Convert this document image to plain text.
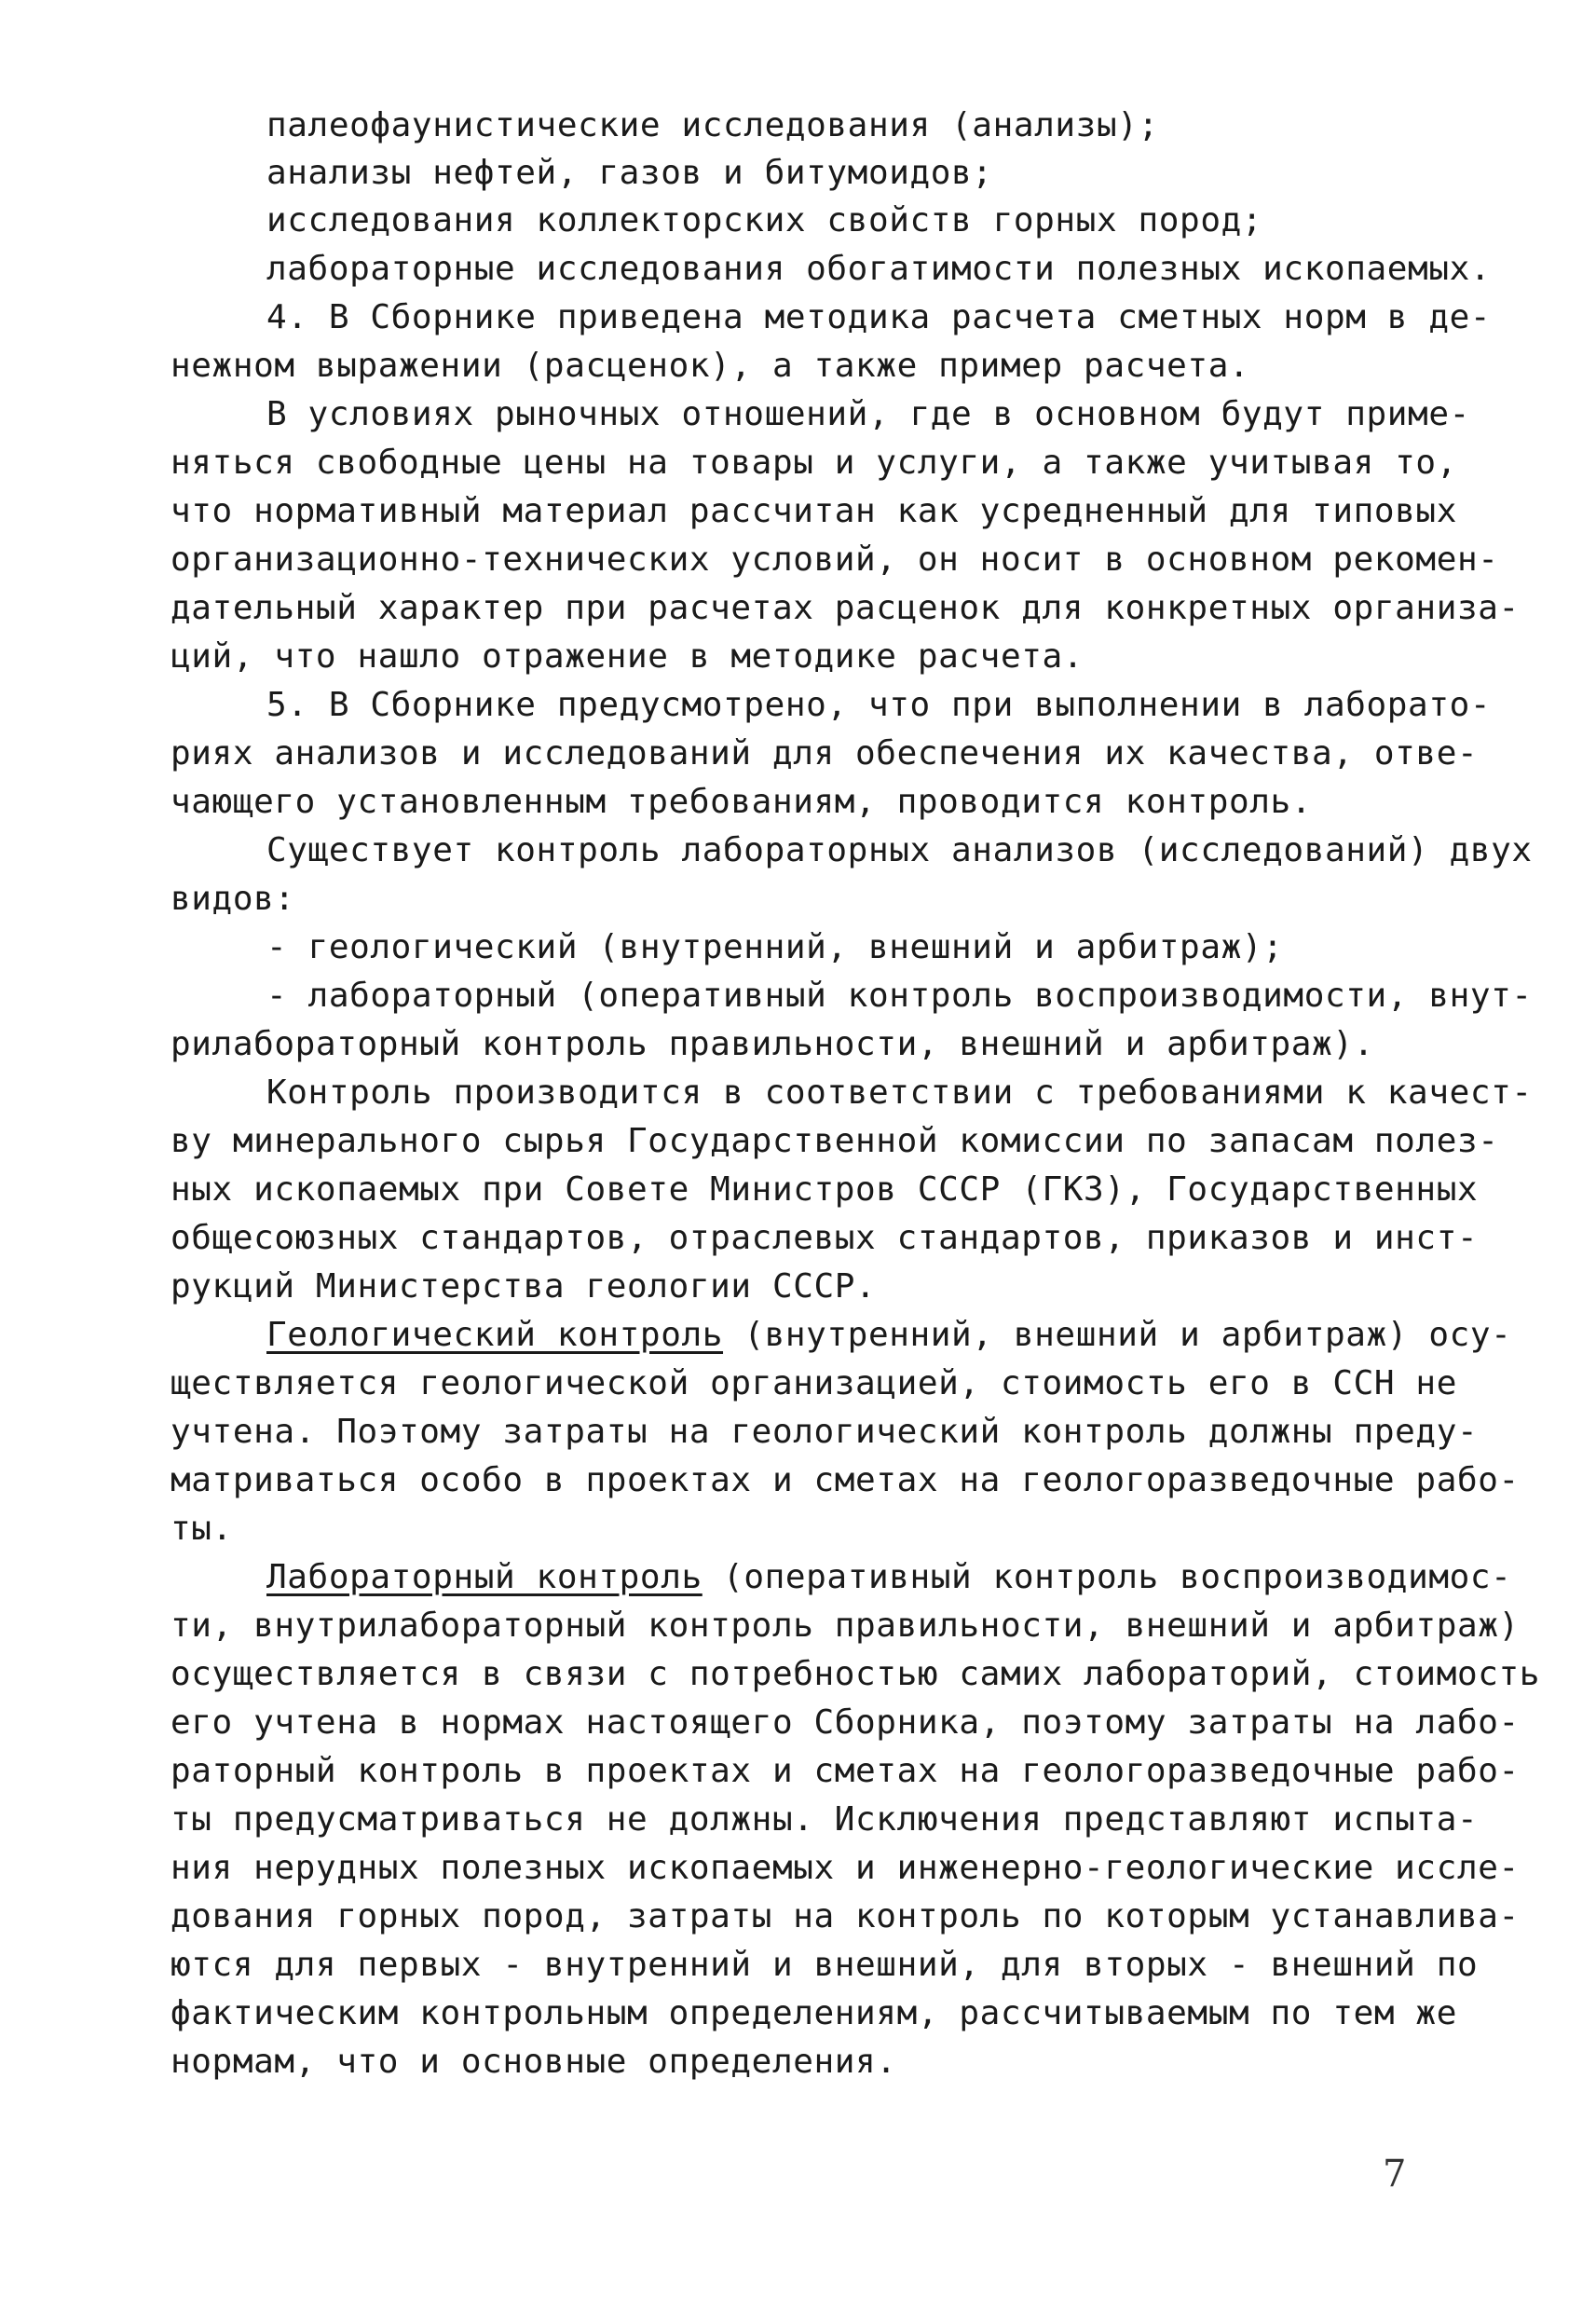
палеофаунистические исследования (анализы);
анализы нефтей, газов и битумоидов;
исследования коллекторских свойств горных пород;
лабораторные исследования обогатимости полезных ископаемых.
4. В Сборнике приведена методика расчета сметных норм в де-
нежном выражении (расценок), а также пример расчета.
В условиях рыночных отношений, где в основном будут приме-
няться свободные цены на товары и услуги, а также учитывая то,
что нормативный материал рассчитан как усредненный для типовых
организационно-технических условий, он носит в основном рекомен-
дательный характер при расчетах расценок для конкретных организа-
ций, что нашло отражение в методике расчета.
5. В Сборнике предусмотрено, что при выполнении в лаборато-
риях анализов и исследований для обеспечения их качества, отве-
чающего установленным требованиям, проводится контроль.
Существует контроль лабораторных анализов (исследований) двух
видов:
- геологический (внутренний, внешний и арбитраж);
- лабораторный (оперативный контроль воспроизводимости, внут-
рилабораторный контроль правильности, внешний и арбитраж).
Контроль производится в соответствии с требованиями к качест-
ву минерального сырья Государственной комиссии по запасам полез-
ных ископаемых при Совете Министров СССР (ГКЗ), Государственных
общесоюзных стандартов, отраслевых стандартов, приказов и инст-
рукций Министерства геологии СССР.
Геологический контроль (внутренний, внешний и арбитраж) осу-
ществляется геологической организацией, стоимость его в ССН не
учтена. Поэтому затраты на геологический контроль должны преду-
матриваться особо в проектах и сметах на геологоразведочные рабо-
ты.
Лабораторный контроль (оперативный контроль воспроизводимос-
ти, внутрилабораторный контроль правильности, внешний и арбитраж)
осуществляется в связи с потребностью самих лабораторий, стоимость
его учтена в нормах настоящего Сборника, поэтому затраты на лабо-
раторный контроль в проектах и сметах на геологоразведочные рабо-
ты предусматриваться не должны. Исключения представляют испыта-
ния нерудных полезных ископаемых и инженерно-геологические иссле-
дования горных пород, затраты на контроль по которым устанавлива-
ются для первых - внутренний и внешний, для вторых - внешний по
фактическим контрольным определениям, рассчитываемым по тем же
нормам, что и основные определения.
7
